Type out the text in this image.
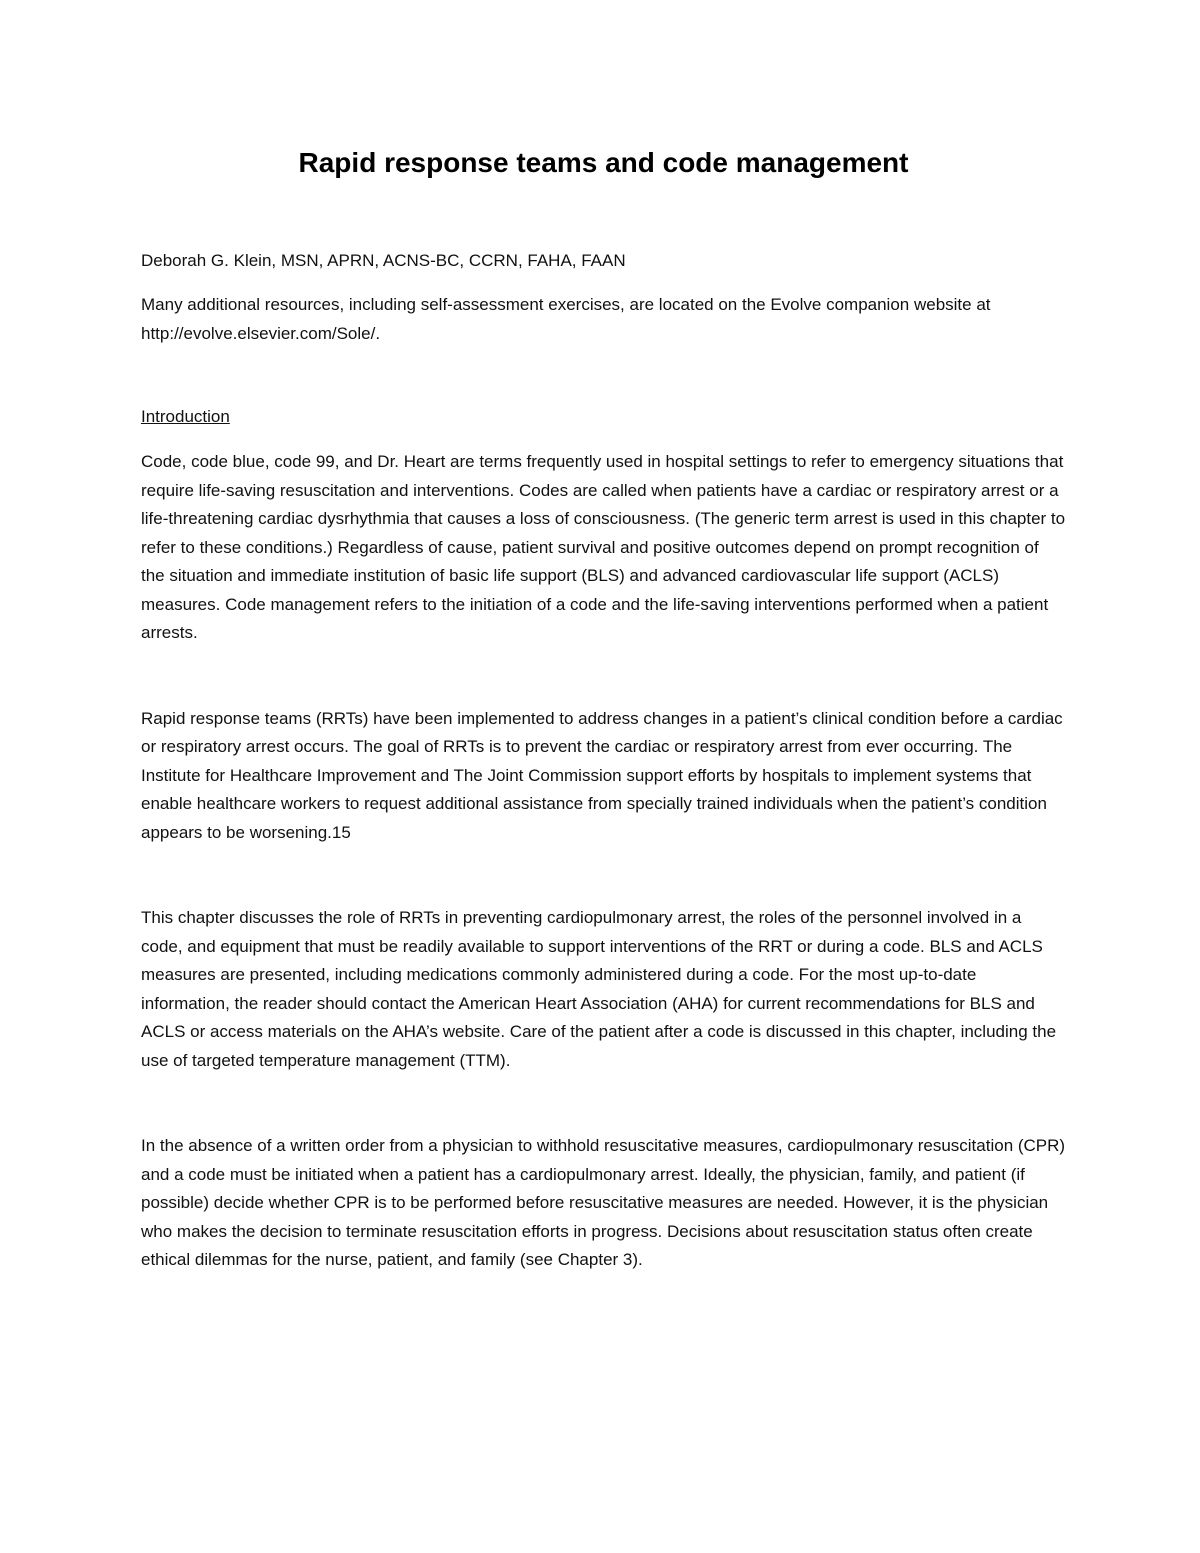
Rapid response teams and code management

Deborah G. Klein, MSN, APRN, ACNS-BC, CCRN, FAHA, FAAN

Many additional resources, including self-assessment exercises, are located on the Evolve companion website at http://evolve.elsevier.com/Sole/.

Introduction

Code, code blue, code 99, and Dr. Heart are terms frequently used in hospital settings to refer to emergency situations that require life-saving resuscitation and interventions. Codes are called when patients have a cardiac or respiratory arrest or a life-threatening cardiac dysrhythmia that causes a loss of consciousness. (The generic term arrest is used in this chapter to refer to these conditions.) Regardless of cause, patient survival and positive outcomes depend on prompt recognition of the situation and immediate institution of basic life support (BLS) and advanced cardiovascular life support (ACLS) measures. Code management refers to the initiation of a code and the life-saving interventions performed when a patient arrests.

Rapid response teams (RRTs) have been implemented to address changes in a patient’s clinical condition before a cardiac or respiratory arrest occurs. The goal of RRTs is to prevent the cardiac or respiratory arrest from ever occurring. The Institute for Healthcare Improvement and The Joint Commission support efforts by hospitals to implement systems that enable healthcare workers to request additional assistance from specially trained individuals when the patient’s condition appears to be worsening.15

This chapter discusses the role of RRTs in preventing cardiopulmonary arrest, the roles of the personnel involved in a code, and equipment that must be readily available to support interventions of the RRT or during a code. BLS and ACLS measures are presented, including medications commonly administered during a code. For the most up-to-date information, the reader should contact the American Heart Association (AHA) for current recommendations for BLS and ACLS or access materials on the AHA’s website. Care of the patient after a code is discussed in this chapter, including the use of targeted temperature management (TTM).

In the absence of a written order from a physician to withhold resuscitative measures, cardiopulmonary resuscitation (CPR) and a code must be initiated when a patient has a cardiopulmonary arrest. Ideally, the physician, family, and patient (if possible) decide whether CPR is to be performed before resuscitative measures are needed. However, it is the physician who makes the decision to terminate resuscitation efforts in progress. Decisions about resuscitation status often create ethical dilemmas for the nurse, patient, and family (see Chapter 3).
